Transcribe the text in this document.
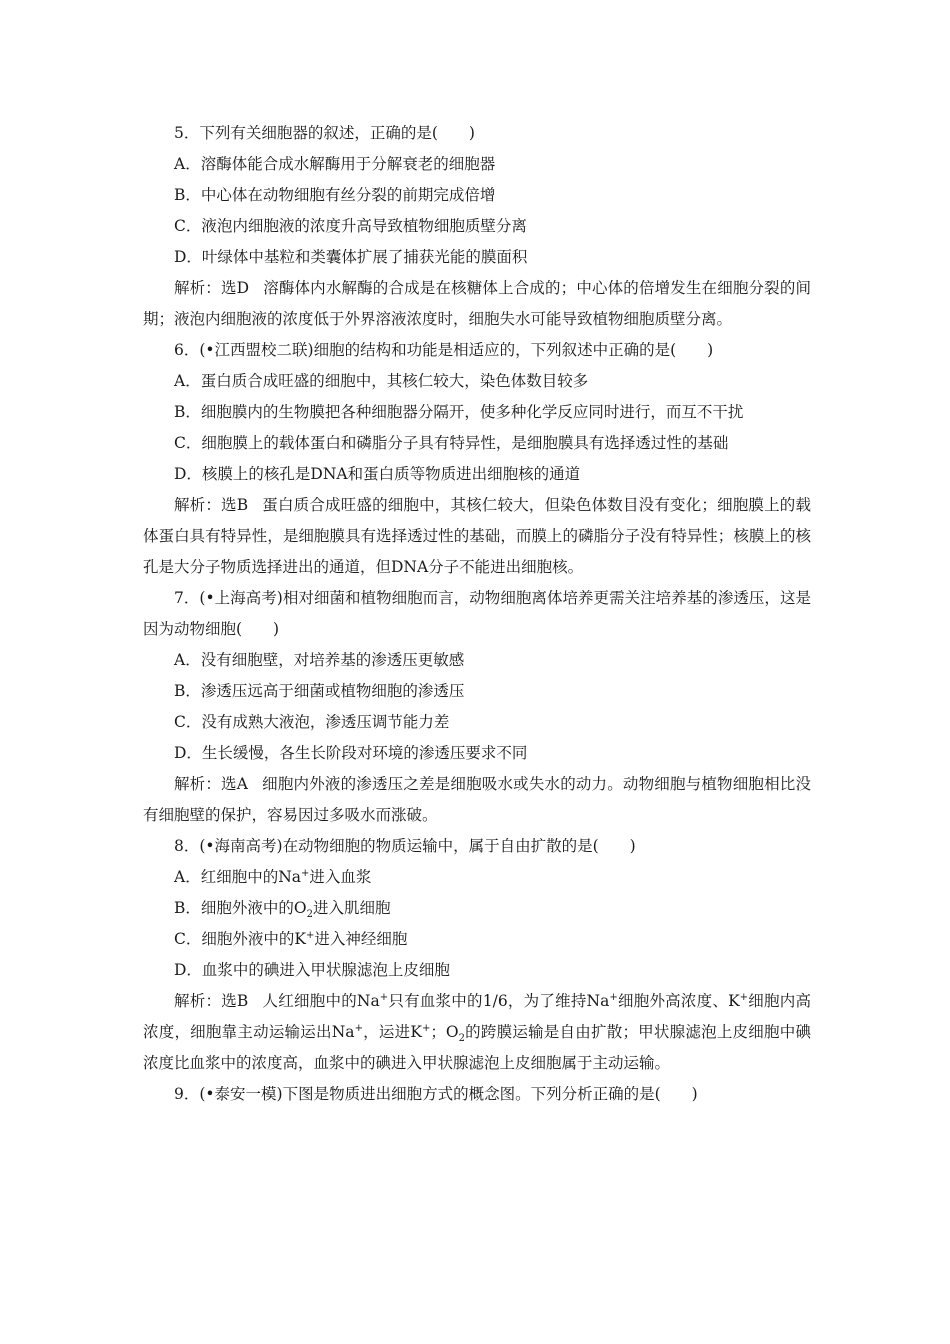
5．下列有关细胞器的叙述，正确的是(　　)
A．溶酶体能合成水解酶用于分解衰老的细胞器
B．中心体在动物细胞有丝分裂的前期完成倍增
C．液泡内细胞液的浓度升高导致植物细胞质壁分离
D．叶绿体中基粒和类囊体扩展了捕获光能的膜面积
解析：选D 溶酶体内水解酶的合成是在核糖体上合成的；中心体的倍增发生在细胞分裂的间期；液泡内细胞液的浓度低于外界溶液浓度时，细胞失水可能导致植物细胞质壁分离。
6．(•江西盟校二联)细胞的结构和功能是相适应的，下列叙述中正确的是(　　)
A．蛋白质合成旺盛的细胞中，其核仁较大，染色体数目较多
B．细胞膜内的生物膜把各种细胞器分隔开，使多种化学反应同时进行，而互不干扰
C．细胞膜上的载体蛋白和磷脂分子具有特异性，是细胞膜具有选择透过性的基础
D．核膜上的核孔是DNA和蛋白质等物质进出细胞核的通道
解析：选B 蛋白质合成旺盛的细胞中，其核仁较大，但染色体数目没有变化；细胞膜上的载体蛋白具有特异性，是细胞膜具有选择透过性的基础，而膜上的磷脂分子没有特异性；核膜上的核孔是大分子物质选择进出的通道，但DNA分子不能进出细胞核。
7．(•上海高考)相对细菌和植物细胞而言，动物细胞离体培养更需关注培养基的渗透压，这是因为动物细胞(　　)
A．没有细胞壁，对培养基的渗透压更敏感
B．渗透压远高于细菌或植物细胞的渗透压
C．没有成熟大液泡，渗透压调节能力差
D．生长缓慢，各生长阶段对环境的渗透压要求不同
解析：选A 细胞内外液的渗透压之差是细胞吸水或失水的动力。动物细胞与植物细胞相比没有细胞壁的保护，容易因过多吸水而涨破。
8．(•海南高考)在动物细胞的物质运输中，属于自由扩散的是(　　)
A．红细胞中的Na+进入血浆
B．细胞外液中的$O_2$进入肌细胞
C．细胞外液中的K+进入神经细胞
D．血浆中的碘进入甲状腺滤泡上皮细胞
解析：选B 人红细胞中的Na+只有血浆中的1/6，为了维持Na+细胞外高浓度、K+细胞内高浓度，细胞靠主动运输运出Na+，运进K+；$O_2$的跨膜运输是自由扩散；甲状腺滤泡上皮细胞中碘浓度比血浆中的浓度高，血浆中的碘进入甲状腺滤泡上皮细胞属于主动运输。
9．(•泰安一模)下图是物质进出细胞方式的概念图。下列分析正确的是(　　)
